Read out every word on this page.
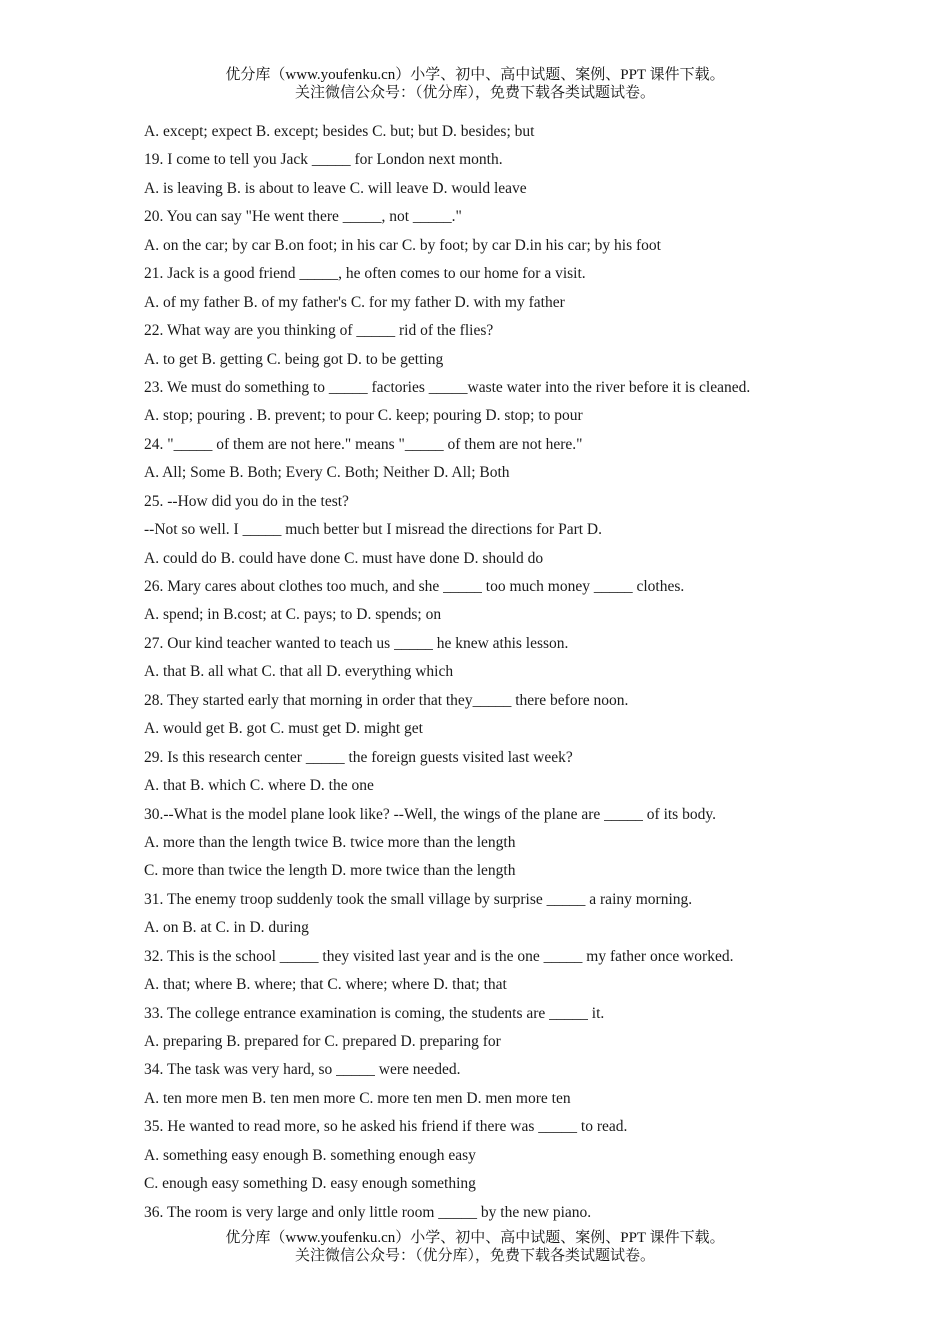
优分库（www.youfenku.cn）小学、初中、高中试题、案例、PPT 课件下载。
关注微信公众号：（优分库），免费下载各类试题试卷。
A. except; expect B. except; besides C. but; but D. besides; but
19. I come to tell you Jack _____ for London next month.
A. is leaving B. is about to leave C. will leave D. would leave
20. You can say "He went there _____, not _____."
A. on the car; by car B.on foot; in his car C. by foot; by car D.in his car; by his foot
21. Jack is a good friend _____, he often comes to our home for a visit.
A. of my father B. of my father's C. for my father D. with my father
22. What way are you thinking of _____ rid of the flies?
A. to get B. getting C. being got D. to be getting
23. We must do something to _____ factories _____waste water into the river before it is cleaned.
A. stop; pouring . B. prevent; to pour C. keep; pouring D. stop; to pour
24. "_____ of them are not here." means "_____ of them are not here."
A. All; Some B. Both; Every C. Both; Neither D. All; Both
25. --How did you do in the test?
--Not so well. I _____ much better but I misread the directions for Part D.
A. could do B. could have done C. must have done D. should do
26. Mary cares about clothes too much, and she _____ too much money _____ clothes.
A. spend; in B.cost; at C. pays; to D. spends; on
27. Our kind teacher wanted to teach us _____ he knew athis lesson.
A. that B. all what C. that all D. everything which
28. They started early that morning in order that they_____ there before noon.
A. would get B. got C. must get D. might get
29. Is this research center _____ the foreign guests visited last week?
A. that B. which C. where D. the one
30.--What is the model plane look like? --Well, the wings of the plane are _____ of its body.
A. more than the length twice B. twice more than the length
C. more than twice the length D. more twice than the length
31. The enemy troop suddenly took the small village by surprise _____ a rainy morning.
A. on B. at C. in D. during
32. This is the school _____ they visited last year and is the one _____ my father once worked.
A. that; where B. where; that C. where; where D. that; that
33. The college entrance examination is coming, the students are _____ it.
A. preparing B. prepared for C. prepared D. preparing for
34. The task was very hard, so _____ were needed.
A. ten more men B. ten men more C. more ten men D. men more ten
35. He wanted to read more, so he asked his friend if there was _____ to read.
A. something easy enough B. something enough easy
C. enough easy something D. easy enough something
36. The room is very large and only little room _____ by the new piano.
优分库（www.youfenku.cn）小学、初中、高中试题、案例、PPT 课件下载。
关注微信公众号：（优分库），免费下载各类试题试卷。
